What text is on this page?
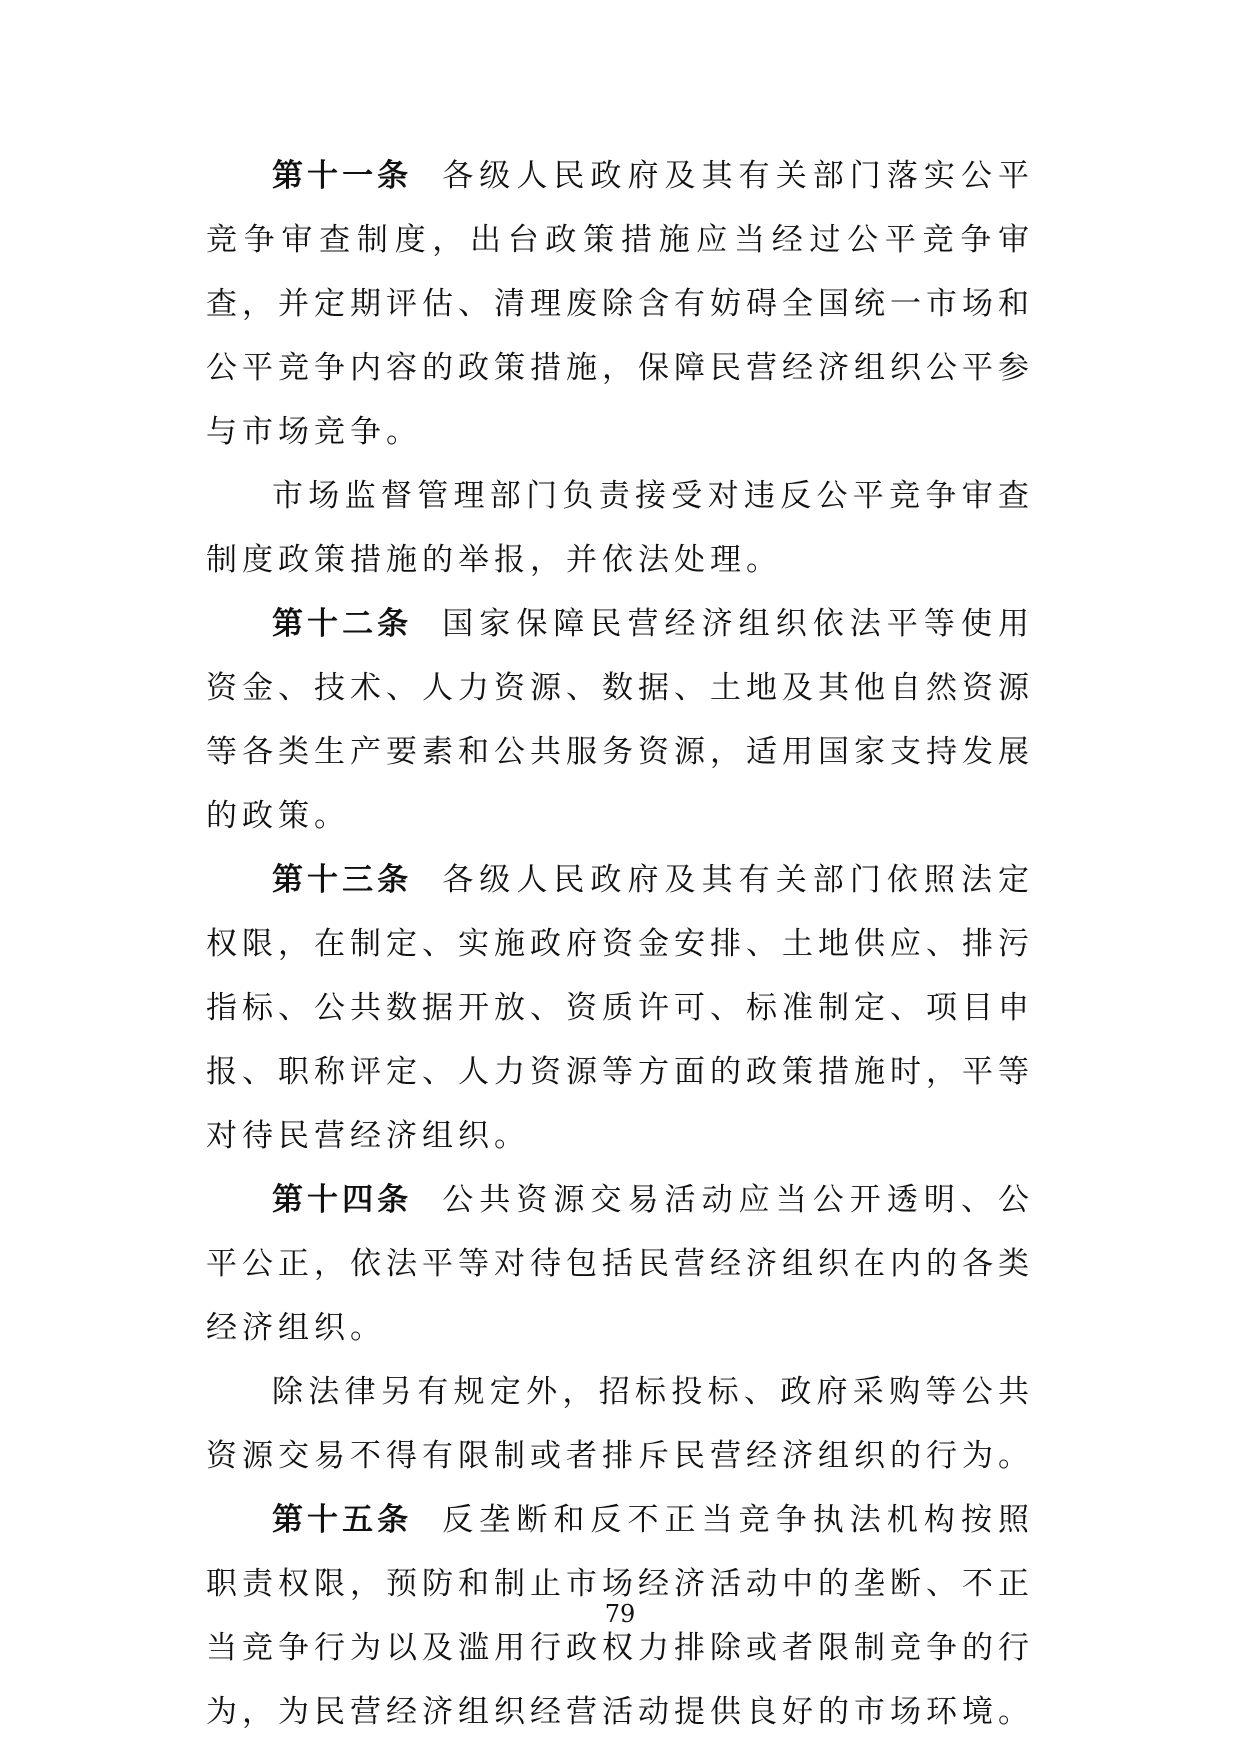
第十一条 各级人民政府及其有关部门落实公平竞争审查制度，出台政策措施应当经过公平竞争审查，并定期评估、清理废除含有妨碍全国统一市场和公平竞争内容的政策措施，保障民营经济组织公平参与市场竞争。

市场监督管理部门负责接受对违反公平竞争审查制度政策措施的举报，并依法处理。

第十二条 国家保障民营经济组织依法平等使用资金、技术、人力资源、数据、土地及其他自然资源等各类生产要素和公共服务资源，适用国家支持发展的政策。

第十三条 各级人民政府及其有关部门依照法定权限，在制定、实施政府资金安排、土地供应、排污指标、公共数据开放、资质许可、标准制定、项目申报、职称评定、人力资源等方面的政策措施时，平等对待民营经济组织。

第十四条 公共资源交易活动应当公开透明、公平公正，依法平等对待包括民营经济组织在内的各类经济组织。

除法律另有规定外，招标投标、政府采购等公共资源交易不得有限制或者排斥民营经济组织的行为。

第十五条 反垄断和反不正当竞争执法机构按照职责权限，预防和制止市场经济活动中的垄断、不正当竞争行为以及滥用行政权力排除或者限制竞争的行为，为民营经济组织经营活动提供良好的市场环境。

79
